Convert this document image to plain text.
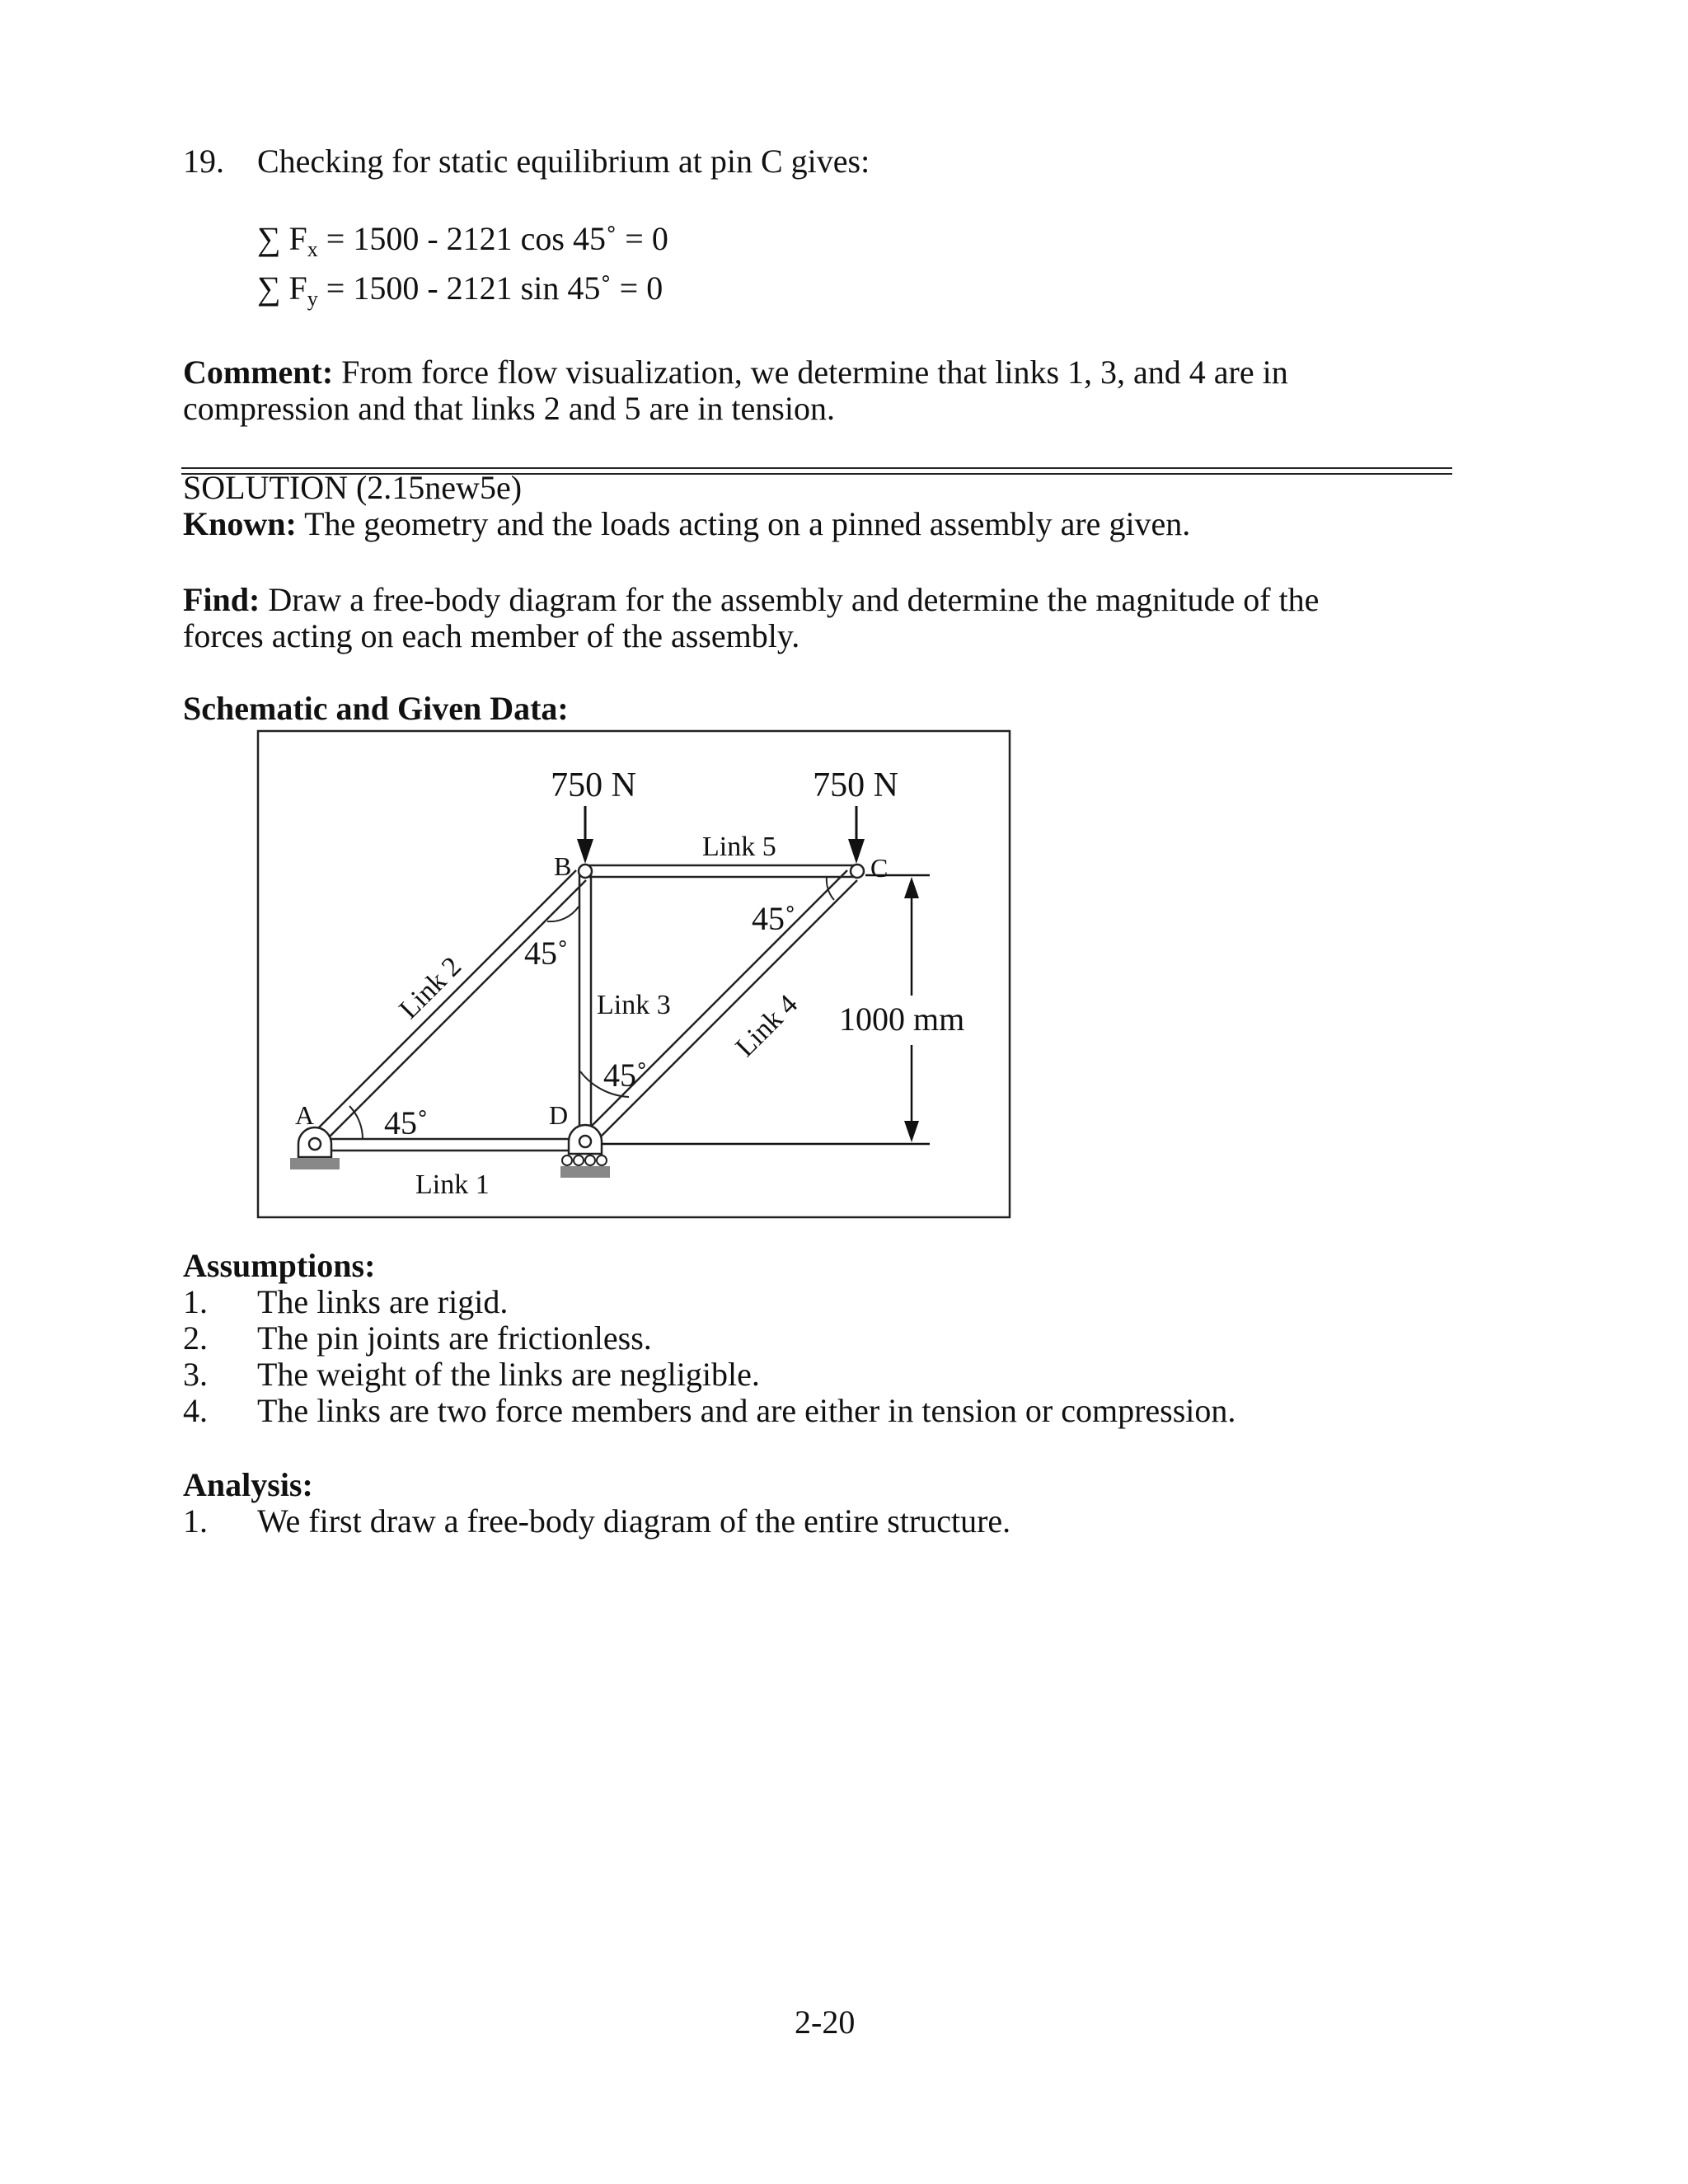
19. Checking for static equilibrium at pin C gives:
∑ $F_x = 1500 - 2121$ cos 45˚ = 0
∑ $F_y = 1500 - 2121$ sin 45˚ = 0
Comment: From force flow visualization, we determine that links 1, 3, and 4 are in
compression and that links 2 and 5 are in tension.
SOLUTION (2.15new5e)
Known: The geometry and the loads acting on a pinned assembly are given.
Find: Draw a free-body diagram for the assembly and determine the magnitude of the
forces acting on each member of the assembly.
Schematic and Given Data:
750 N	750 N
Link 5
B	C
A	D
45˚
45˚
Link 3
45˚
45˚
1000 mm
Link 1
Link 2
Link 4
Assumptions:
1. The links are rigid.
2. The pin joints are frictionless.
3. The weight of the links are negligible.
4. The links are two force members and are either in tension or compression.
Analysis:
1. We first draw a free-body diagram of the entire structure.
2-20
